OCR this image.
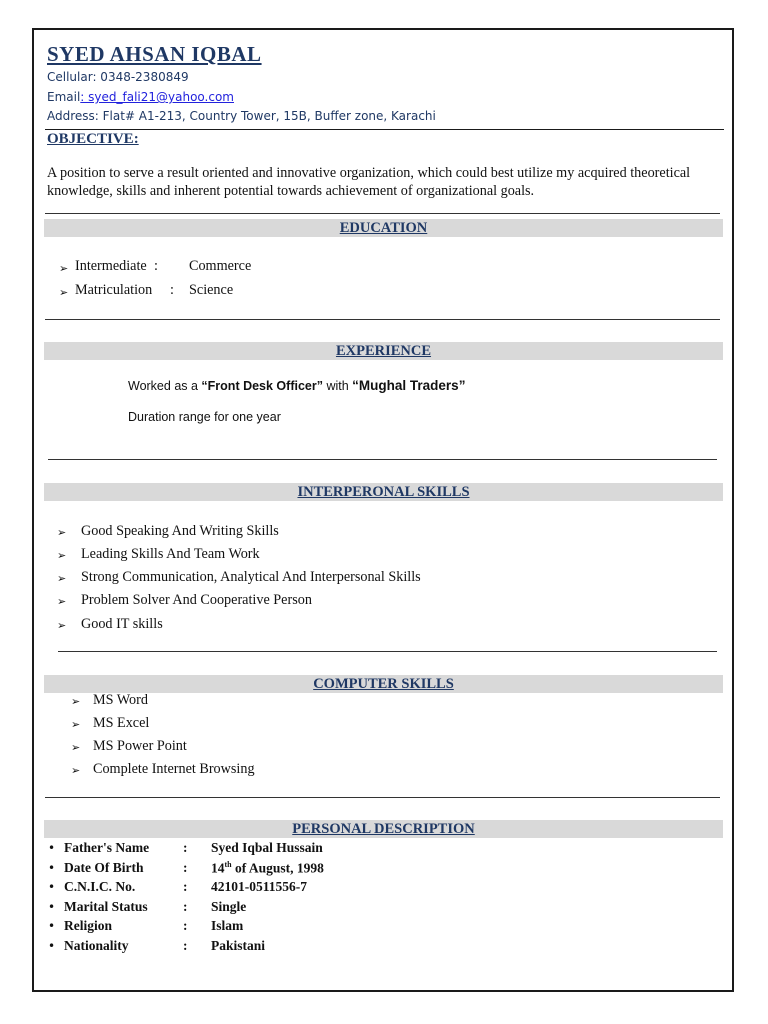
SYED AHSAN IQBAL
Cellular: 0348-2380849
Email: syed_fali21@yahoo.com
Address: Flat# A1-213, Country Tower, 15B, Buffer zone, Karachi
OBJECTIVE:
A position to serve a result oriented and innovative organization, which could best utilize my acquired theoretical
knowledge, skills and inherent potential towards achievement of organizational goals.
EDUCATION
➢ Intermediate : Commerce
➢ Matriculation : Science
EXPERIENCE
Worked as a “Front Desk Officer” with “Mughal Traders”
Duration range for one year
INTERPERONAL SKILLS
➢ Good Speaking And Writing Skills
➢ Leading Skills And Team Work
➢ Strong Communication, Analytical And Interpersonal Skills
➢ Problem Solver And Cooperative Person
➢ Good IT skills
COMPUTER SKILLS
➢ MS Word
➢ MS Excel
➢ MS Power Point
➢ Complete Internet Browsing
PERSONAL DESCRIPTION
• Father's Name	: Syed Iqbal Hussain
• Date Of Birth	: 14th of August, 1998
• C.N.I.C. No.	: 42101-0511556-7
• Marital Status	: Single
• Religion	: Islam
• Nationality	: Pakistani
